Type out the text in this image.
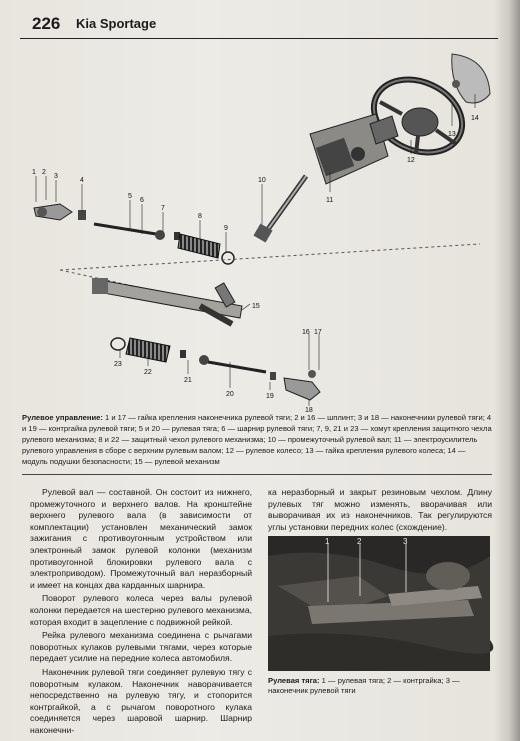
226 Kia Sportage
1 2
3
4
5
6
7
8
9
10
11
12
13
14
15
16 17
18
19
20
21
22
23
Рулевое управление: 1 и 17 — гайка крепления наконечника рулевой тяги; 2 и 16 — шплинт; 3 и 18 — наконечники рулевой тяги; 4 и 19 — контргайка рулевой тяги; 5 и 20 — рулевая тяга; 6 — шарнир рулевой тяги; 7, 9, 21 и 23 — хомут крепления защитного чехла рулевого механизма; 8 и 22 — защитный чехол рулевого механизма; 10 — промежуточный рулевой вал; 11 — электроусилитель рулевого управления в сборе с верхним рулевым валом; 12 — рулевое колесо; 13 — гайка крепления рулевого колеса; 14 — модуль подушки безопасности; 15 — рулевой механизм

Рулевой вал — составной. Он состоит из нижнего, промежуточного и верхнего валов. На кронштейне верхнего рулевого вала (в зависимости от комплектации) установлен механический замок зажигания с противоугонным устройством или электронный замок рулевой колонки (механизм противоугонной блокировки рулевого вала с электроприводом). Промежуточный вал неразборный и имеет на концах два карданных шарнира.

Поворот рулевого колеса через валы рулевой колонки передается на шестерню рулевого механизма, которая входит в зацепление с подвижной рейкой.

Рейка рулевого механизма соединена с рычагами поворотных кулаков рулевыми тягами, через которые передает усилие на передние колеса автомобиля.

Наконечник рулевой тяги соединяет рулевую тягу с поворотным кулаком. Наконечник наворачивается непосредственно на рулевую тягу, и стопорится контргайкой, а с рычагом поворотного кулака соединяется через шаровой шарнир. Шарнир наконечни-

ка неразборный и закрыт резиновым чехлом. Длину рулевых тяг можно изменять, вворачивая или выворачивая их из наконечников. Так регулируются углы установки передних колес (схождение).

1	2	3
Рулевая тяга: 1 — рулевая тяга; 2 — контргайка; 3 — наконечник рулевой тяги
